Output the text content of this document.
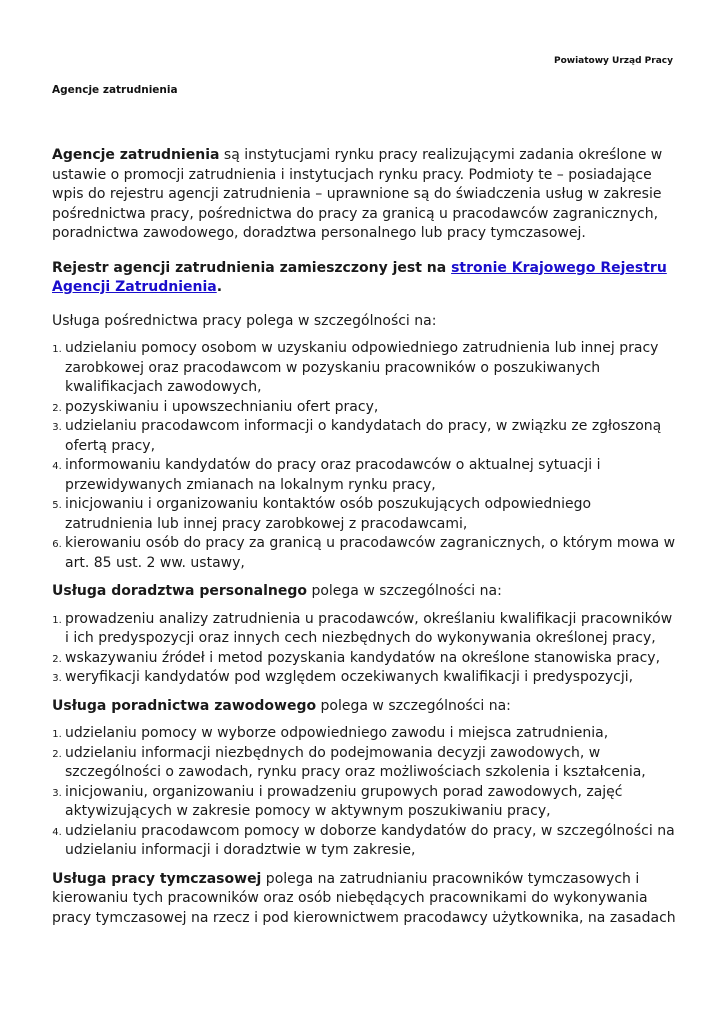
Powiatowy Urząd Pracy
Agencje zatrudnienia

Agencje zatrudnienia są instytucjami rynku pracy realizującymi zadania określone w ustawie o promocji zatrudnienia i instytucjach rynku pracy. Podmioty te – posiadające wpis do rejestru agencji zatrudnienia – uprawnione są do świadczenia usług w zakresie pośrednictwa pracy, pośrednictwa do pracy za granicą u pracodawców zagranicznych, poradnictwa zawodowego, doradztwa personalnego lub pracy tymczasowej.

Rejestr agencji zatrudnienia zamieszczony jest na stronie Krajowego Rejestru Agencji Zatrudnienia.

Usługa pośrednictwa pracy polega w szczególności na:

1. udzielaniu pomocy osobom w uzyskaniu odpowiedniego zatrudnienia lub innej pracy zarobkowej oraz pracodawcom w pozyskaniu pracowników o poszukiwanych kwalifikacjach zawodowych,
2. pozyskiwaniu i upowszechnianiu ofert pracy,
3. udzielaniu pracodawcom informacji o kandydatach do pracy, w związku ze zgłoszoną ofertą pracy,
4. informowaniu kandydatów do pracy oraz pracodawców o aktualnej sytuacji i przewidywanych zmianach na lokalnym rynku pracy,
5. inicjowaniu i organizowaniu kontaktów osób poszukujących odpowiedniego zatrudnienia lub innej pracy zarobkowej z pracodawcami,
6. kierowaniu osób do pracy za granicą u pracodawców zagranicznych, o którym mowa w art. 85 ust. 2 ww. ustawy,

Usługa doradztwa personalnego polega w szczególności na:

1. prowadzeniu analizy zatrudnienia u pracodawców, określaniu kwalifikacji pracowników i ich predyspozycji oraz innych cech niezbędnych do wykonywania określonej pracy,
2. wskazywaniu źródeł i metod pozyskania kandydatów na określone stanowiska pracy,
3. weryfikacji kandydatów pod względem oczekiwanych kwalifikacji i predyspozycji,

Usługa poradnictwa zawodowego polega w szczególności na:

1. udzielaniu pomocy w wyborze odpowiedniego zawodu i miejsca zatrudnienia,
2. udzielaniu informacji niezbędnych do podejmowania decyzji zawodowych, w szczególności o zawodach, rynku pracy oraz możliwościach szkolenia i kształcenia,
3. inicjowaniu, organizowaniu i prowadzeniu grupowych porad zawodowych, zajęć aktywizujących w zakresie pomocy w aktywnym poszukiwaniu pracy,
4. udzielaniu pracodawcom pomocy w doborze kandydatów do pracy, w szczególności na udzielaniu informacji i doradztwie w tym zakresie,

Usługa pracy tymczasowej polega na zatrudnianiu pracowników tymczasowych i kierowaniu tych pracowników oraz osób niebędących pracownikami do wykonywania pracy tymczasowej na rzecz i pod kierownictwem pracodawcy użytkownika, na zasadach
